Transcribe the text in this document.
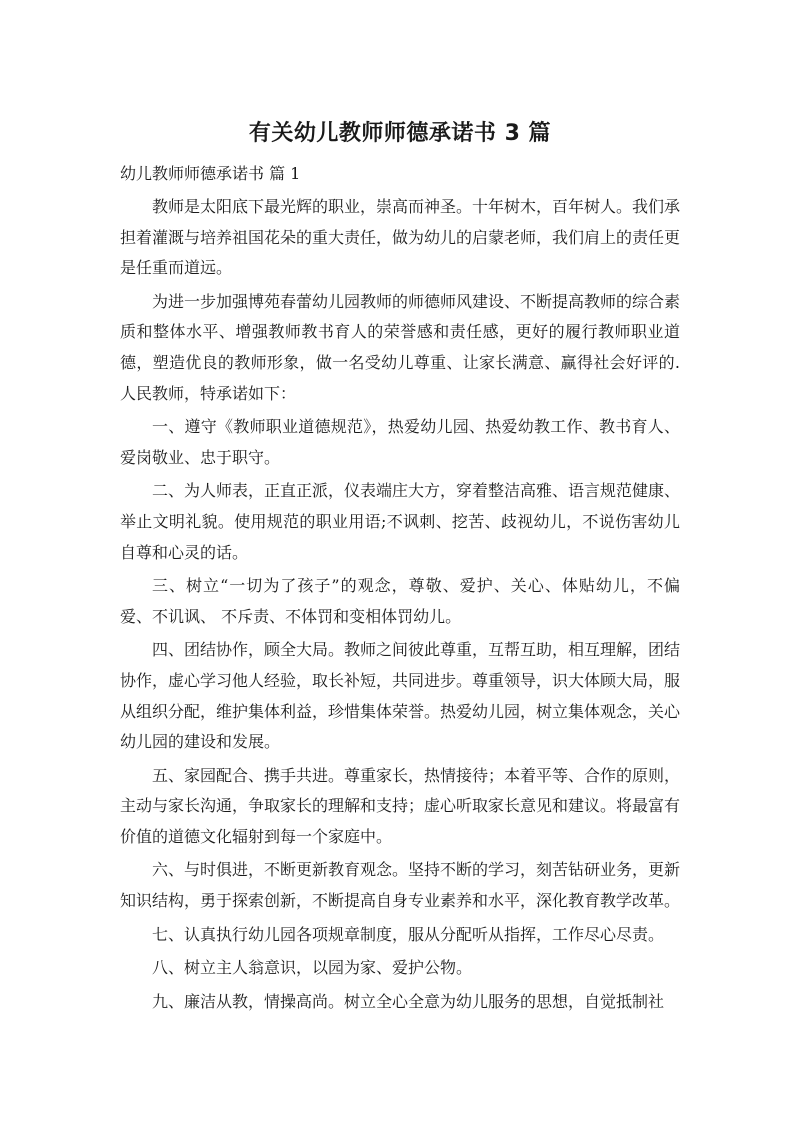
有关幼儿教师师德承诺书 3 篇

幼儿教师师德承诺书 篇 1

教师是太阳底下最光辉的职业，崇高而神圣。十年树木，百年树人。我们承担着灌溉与培养祖国花朵的重大责任，做为幼儿的启蒙老师，我们肩上的责任更是任重而道远。

为进一步加强博苑春蕾幼儿园教师的师德师风建设、不断提高教师的综合素质和整体水平、增强教师教书育人的荣誉感和责任感，更好的履行教师职业道德，塑造优良的教师形象，做一名受幼儿尊重、让家长满意、赢得社会好评的. 人民教师，特承诺如下：

一、遵守《教师职业道德规范》，热爱幼儿园、热爱幼教工作、教书育人、爱岗敬业、忠于职守。

二、为人师表，正直正派，仪表端庄大方，穿着整洁高雅、语言规范健康、举止文明礼貌。使用规范的职业用语;不讽刺、挖苦、歧视幼儿，不说伤害幼儿自尊和心灵的话。

三、树立“一切为了孩子”的观念，尊敬、爱护、关心、体贴幼儿，不偏爱、不讥讽、 不斥责、不体罚和变相体罚幼儿。

四、团结协作，顾全大局。教师之间彼此尊重，互帮互助，相互理解，团结协作，虚心学习他人经验，取长补短，共同进步。尊重领导，识大体顾大局，服从组织分配，维护集体利益，珍惜集体荣誉。热爱幼儿园，树立集体观念，关心幼儿园的建设和发展。

五、家园配合、携手共进。尊重家长，热情接待；本着平等、合作的原则，主动与家长沟通，争取家长的理解和支持；虚心听取家长意见和建议。将最富有价值的道德文化辐射到每一个家庭中。

六、与时俱进，不断更新教育观念。坚持不断的学习，刻苦钻研业务，更新知识结构，勇于探索创新，不断提高自身专业素养和水平，深化教育教学改革。

七、认真执行幼儿园各项规章制度，服从分配听从指挥，工作尽心尽责。

八、树立主人翁意识，以园为家、爱护公物。

九、廉洁从教，情操高尚。树立全心全意为幼儿服务的思想，自觉抵制社
